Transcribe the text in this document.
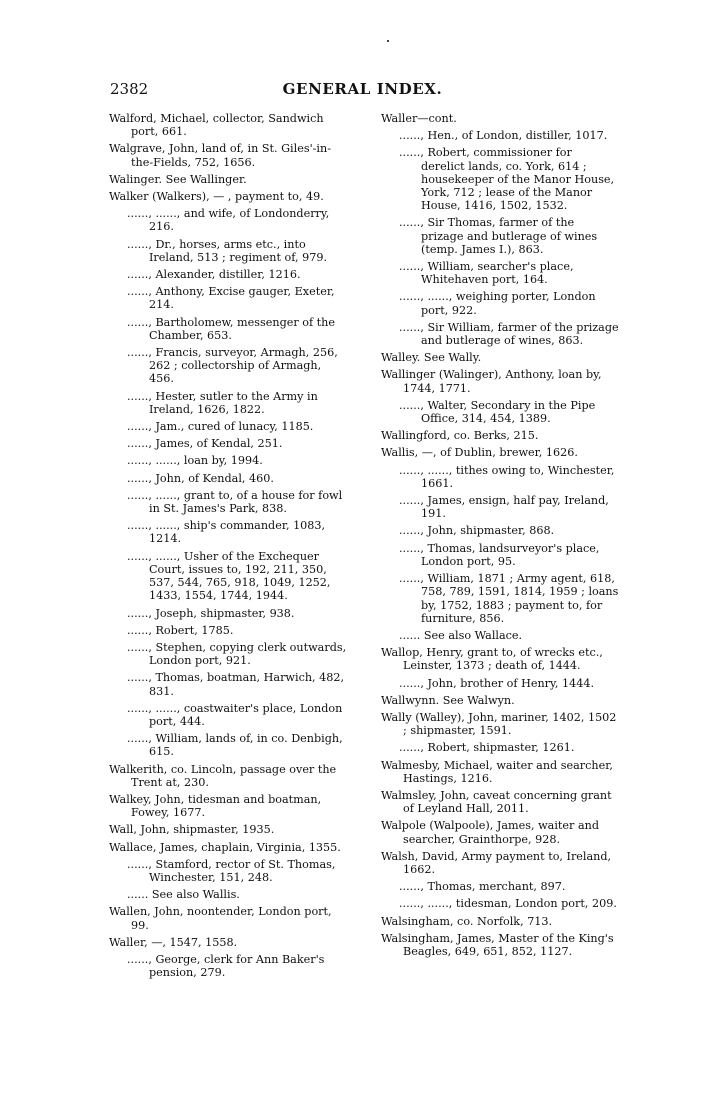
2382	GENERAL INDEX.
Walford, Michael, collector, Sandwich port, 661.
Walgrave, John, land of, in St. Giles'-in-the-Fields, 752, 1656.
Walinger. See Wallinger.
Walker (Walkers), — , payment to, 49.
......, ......, and wife, of Londonderry, 216.
......, Dr., horses, arms etc., into Ireland, 513 ; regiment of, 979.
......, Alexander, distiller, 1216.
......, Anthony, Excise gauger, Exeter, 214.
......, Bartholomew, messenger of the Chamber, 653.
......, Francis, surveyor, Armagh, 256, 262 ; collectorship of Armagh, 456.
......, Hester, sutler to the Army in Ireland, 1626, 1822.
......, Jam., cured of lunacy, 1185.
......, James, of Kendal, 251.
......, ......, loan by, 1994.
......, John, of Kendal, 460.
......, ......, grant to, of a house for fowl in St. James's Park, 838.
......, ......, ship's commander, 1083, 1214.
......, ......, Usher of the Exchequer Court, issues to, 192, 211, 350, 537, 544, 765, 918, 1049, 1252, 1433, 1554, 1744, 1944.
......, Joseph, shipmaster, 938.
......, Robert, 1785.
......, Stephen, copying clerk outwards, London port, 921.
......, Thomas, boatman, Harwich, 482, 831.
......, ......, coastwaiter's place, London port, 444.
......, William, lands of, in co. Denbigh, 615.
Walkerith, co. Lincoln, passage over the Trent at, 230.
Walkey, John, tidesman and boatman, Fowey, 1677.
Wall, John, shipmaster, 1935.
Wallace, James, chaplain, Virginia, 1355.
......, Stamford, rector of St. Thomas, Winchester, 151, 248.
...... See also Wallis.
Wallen, John, noontender, London port, 99.
Waller, —, 1547, 1558.
......, George, clerk for Ann Baker's pension, 279.
Waller—cont.
......, Hen., of London, distiller, 1017.
......, Robert, commissioner for derelict lands, co. York, 614 ; housekeeper of the Manor House, York, 712 ; lease of the Manor House, 1416, 1502, 1532.
......, Sir Thomas, farmer of the prizage and butlerage of wines (temp. James I.), 863.
......, William, searcher's place, Whitehaven port, 164.
......, ......, weighing porter, London port, 922.
......, Sir William, farmer of the prizage and butlerage of wines, 863.
Walley. See Wally.
Wallinger (Walinger), Anthony, loan by, 1744, 1771.
......, Walter, Secondary in the Pipe Office, 314, 454, 1389.
Wallingford, co. Berks, 215.
Wallis, —, of Dublin, brewer, 1626.
......, ......, tithes owing to, Winchester, 1661.
......, James, ensign, half pay, Ireland, 191.
......, John, shipmaster, 868.
......, Thomas, landsurveyor's place, London port, 95.
......, William, 1871 ; Army agent, 618, 758, 789, 1591, 1814, 1959 ; loans by, 1752, 1883 ; payment to, for furniture, 856.
...... See also Wallace.
Wallop, Henry, grant to, of wrecks etc., Leinster, 1373 ; death of, 1444.
......, John, brother of Henry, 1444.
Wallwynn. See Walwyn.
Wally (Walley), John, mariner, 1402, 1502 ; shipmaster, 1591.
......, Robert, shipmaster, 1261.
Walmesby, Michael, waiter and searcher, Hastings, 1216.
Walmsley, John, caveat concerning grant of Leyland Hall, 2011.
Walpole (Walpoole), James, waiter and searcher, Grainthorpe, 928.
Walsh, David, Army payment to, Ireland, 1662.
......, Thomas, merchant, 897.
......, ......, tidesman, London port, 209.
Walsingham, co. Norfolk, 713.
Walsingham, James, Master of the King's Beagles, 649, 651, 852, 1127.
